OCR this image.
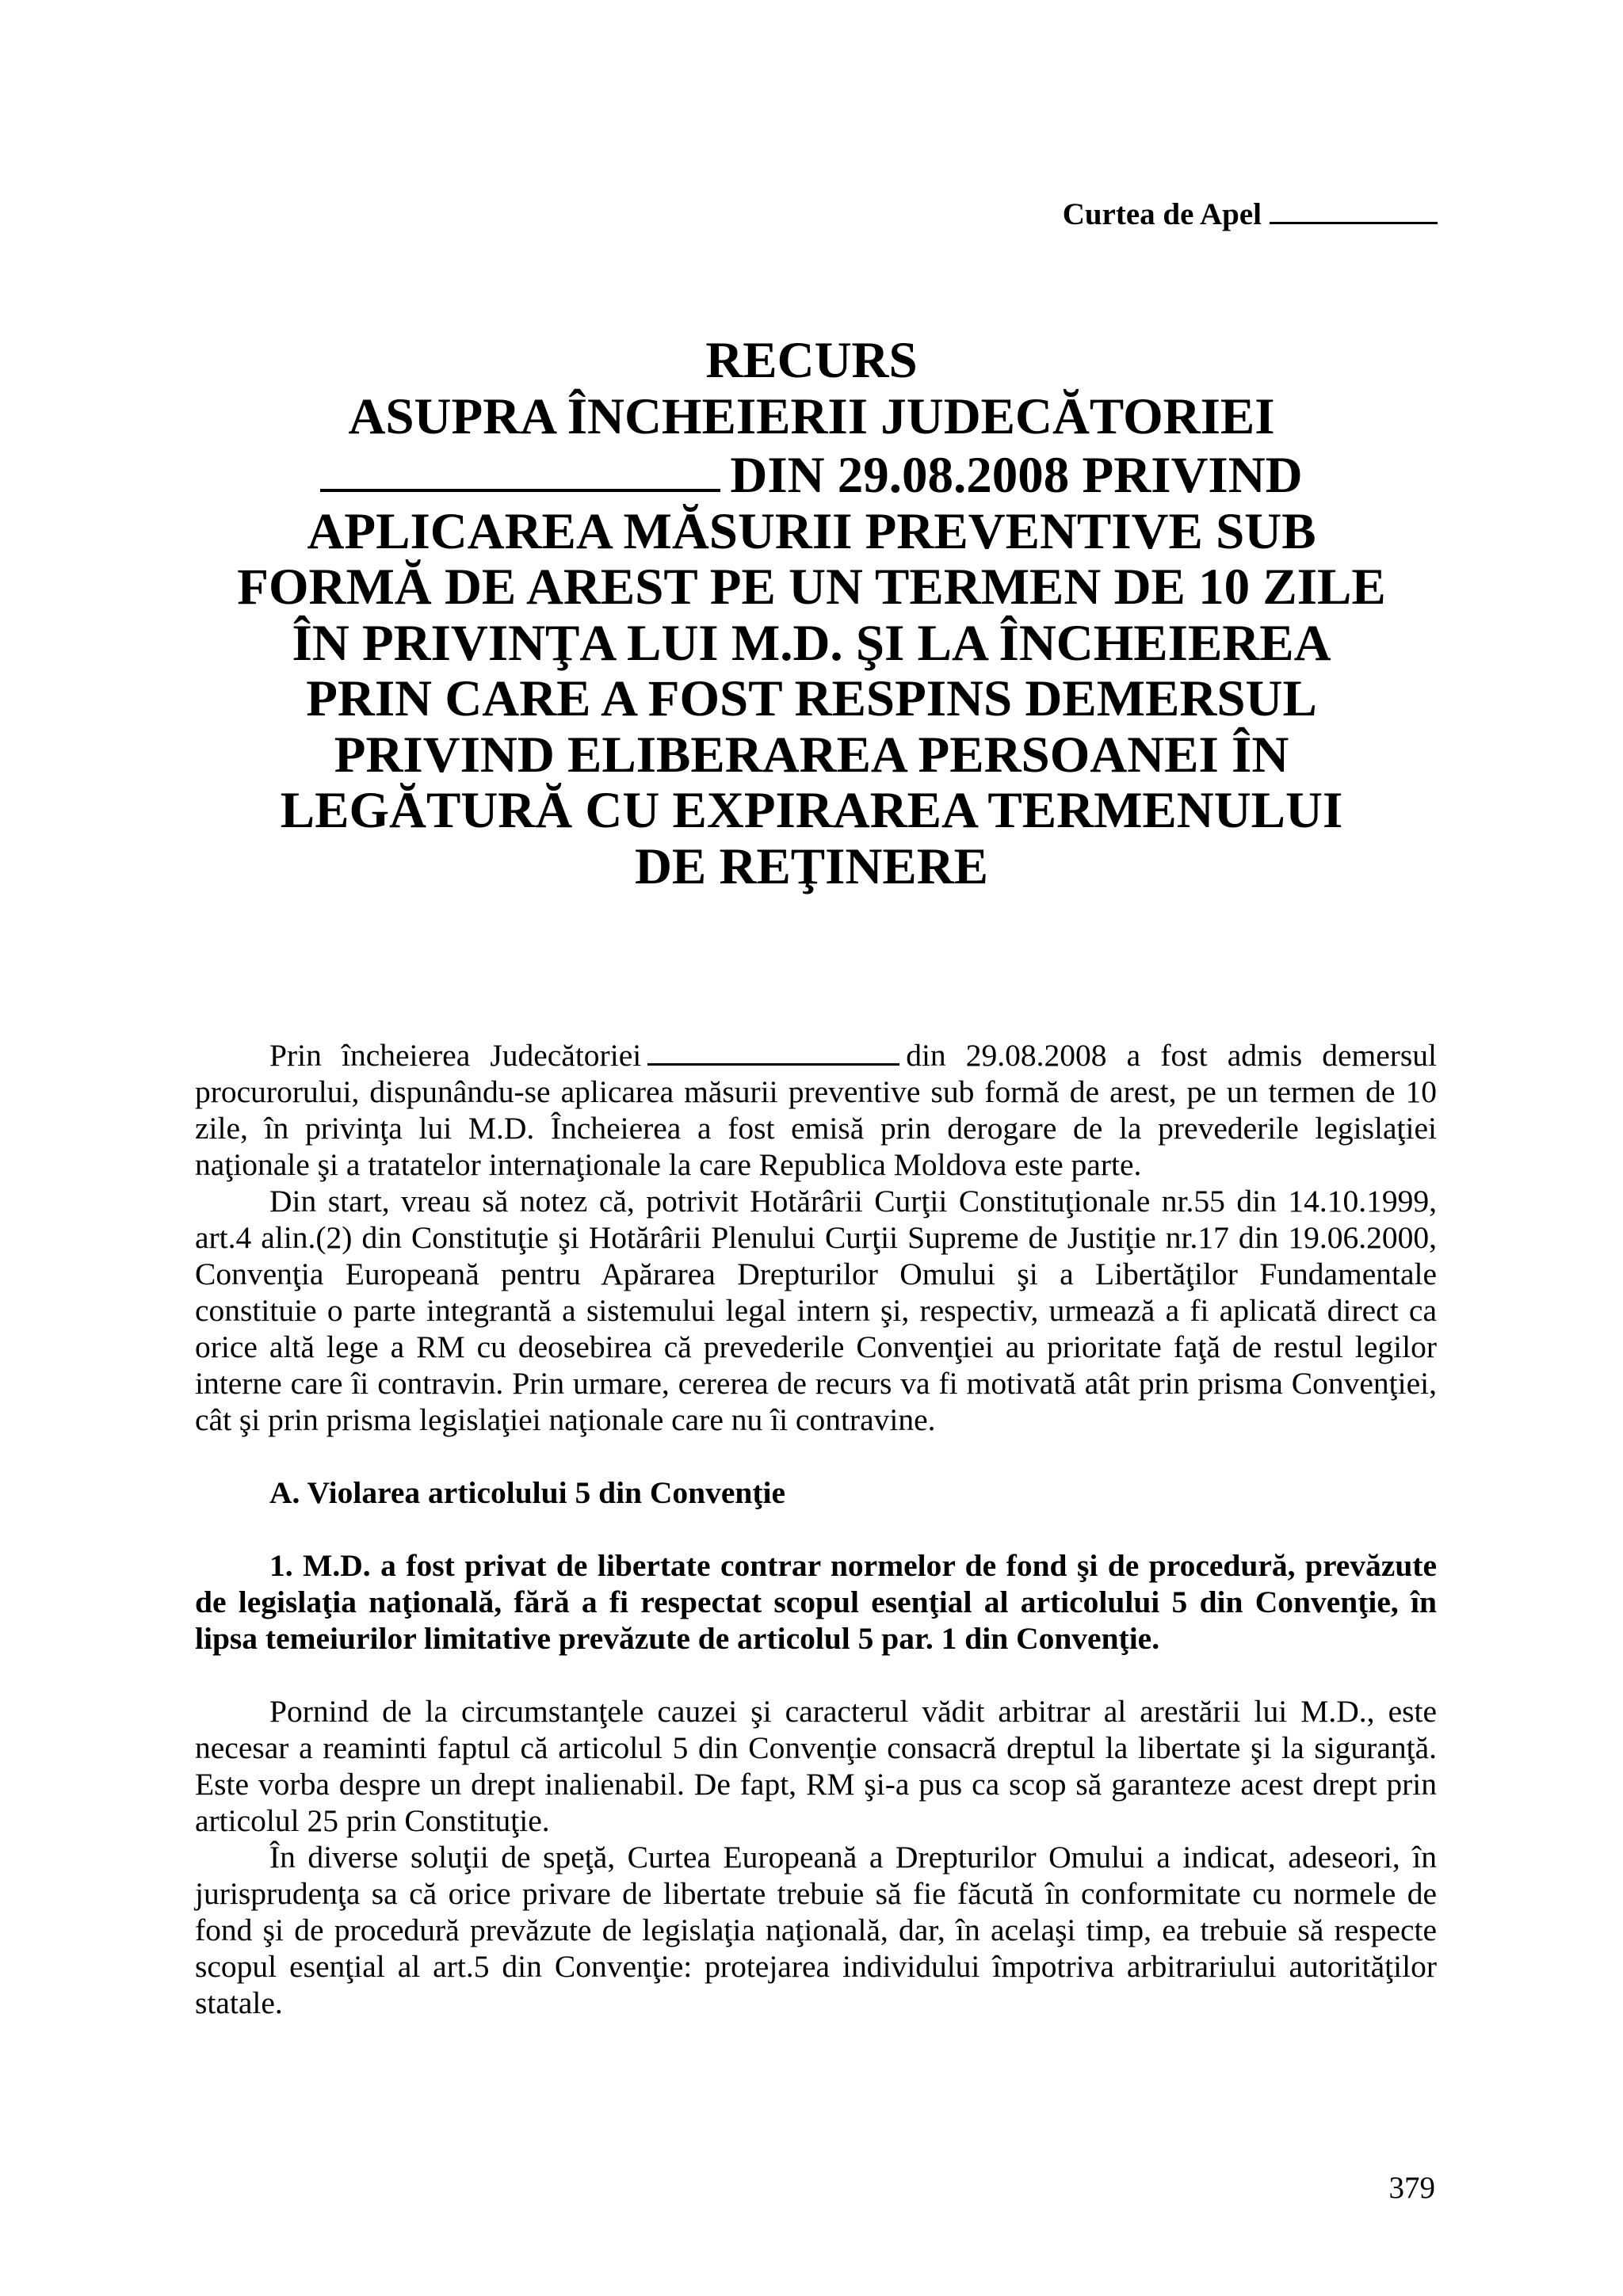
Curtea de Apel
RECURS
ASUPRA ÎNCHEIERII JUDECĂTORIEI
DIN 29.08.2008 PRIVIND
APLICAREA MĂSURII PREVENTIVE SUB
FORMĂ DE AREST PE UN TERMEN DE 10 ZILE
ÎN PRIVINŢA LUI M.D. ŞI LA ÎNCHEIEREA
PRIN CARE A FOST RESPINS DEMERSUL
PRIVIND ELIBERAREA PERSOANEI ÎN
LEGĂTURĂ CU EXPIRAREA TERMENULUI
DE REŢINERE

Prin încheierea Judecătoriei	din 29.08.2008 a fost admis demersul procurorului, dispunându-se aplicarea măsurii preventive sub formă de arest, pe un termen de 10 zile, în privinţa lui M.D. Încheierea a fost emisă prin derogare de la prevederile legislaţiei naţionale şi a tratatelor internaţionale la care Republica Moldova este parte.

Din start, vreau să notez că, potrivit Hotărârii Curţii Constituţionale nr.55 din 14.10.1999, art.4 alin.(2) din Constituţie şi Hotărârii Plenului Curţii Supreme de Justiţie nr.17 din 19.06.2000, Convenţia Europeană pentru Apărarea Drepturilor Omului şi a Libertăţilor Fundamentale constituie o parte integrantă a sistemului legal intern şi, respectiv, urmează a fi aplicată direct ca orice altă lege a RM cu deosebirea că prevederile Convenţiei au prioritate faţă de restul legilor interne care îi contravin. Prin urmare, cererea de recurs va fi motivată atât prin prisma Convenţiei, cât şi prin prisma legislaţiei naţionale care nu îi contravine.

A. Violarea articolului 5 din Convenţie

1. M.D. a fost privat de libertate contrar normelor de fond şi de procedură, prevăzute de legislaţia naţională, fără a fi respectat scopul esenţial al articolului 5 din Convenţie, în lipsa temeiurilor limitative prevăzute de articolul 5 par. 1 din Convenţie.

Pornind de la circumstanţele cauzei şi caracterul vădit arbitrar al arestării lui M.D., este necesar a reaminti faptul că articolul 5 din Convenţie consacră dreptul la libertate şi la siguranţă. Este vorba despre un drept inalienabil. De fapt, RM şi-a pus ca scop să garanteze acest drept prin articolul 25 prin Constituţie.

În diverse soluţii de speţă, Curtea Europeană a Drepturilor Omului a indicat, adeseori, în jurisprudenţa sa că orice privare de libertate trebuie să fie făcută în conformitate cu normele de fond şi de procedură prevăzute de legislaţia naţională, dar, în acelaşi timp, ea trebuie să respecte scopul esenţial al art.5 din Convenţie: protejarea individului împotriva arbitrariului autorităţilor statale.

379
